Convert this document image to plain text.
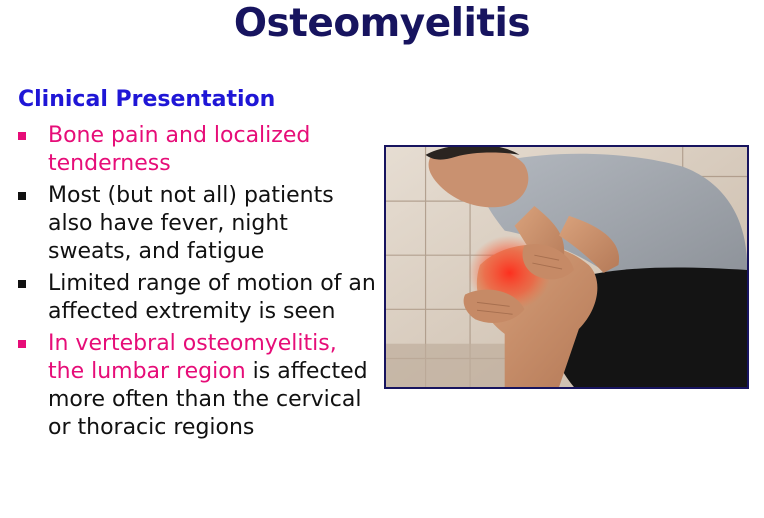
Osteomyelitis
Clinical Presentation
Bone pain and localized tenderness
Most (but not all) patients also have fever, night sweats, and fatigue
Limited range of motion of an affected extremity is seen
In vertebral osteomyelitis, the lumbar region is affected more often than the cervical or thoracic regions
